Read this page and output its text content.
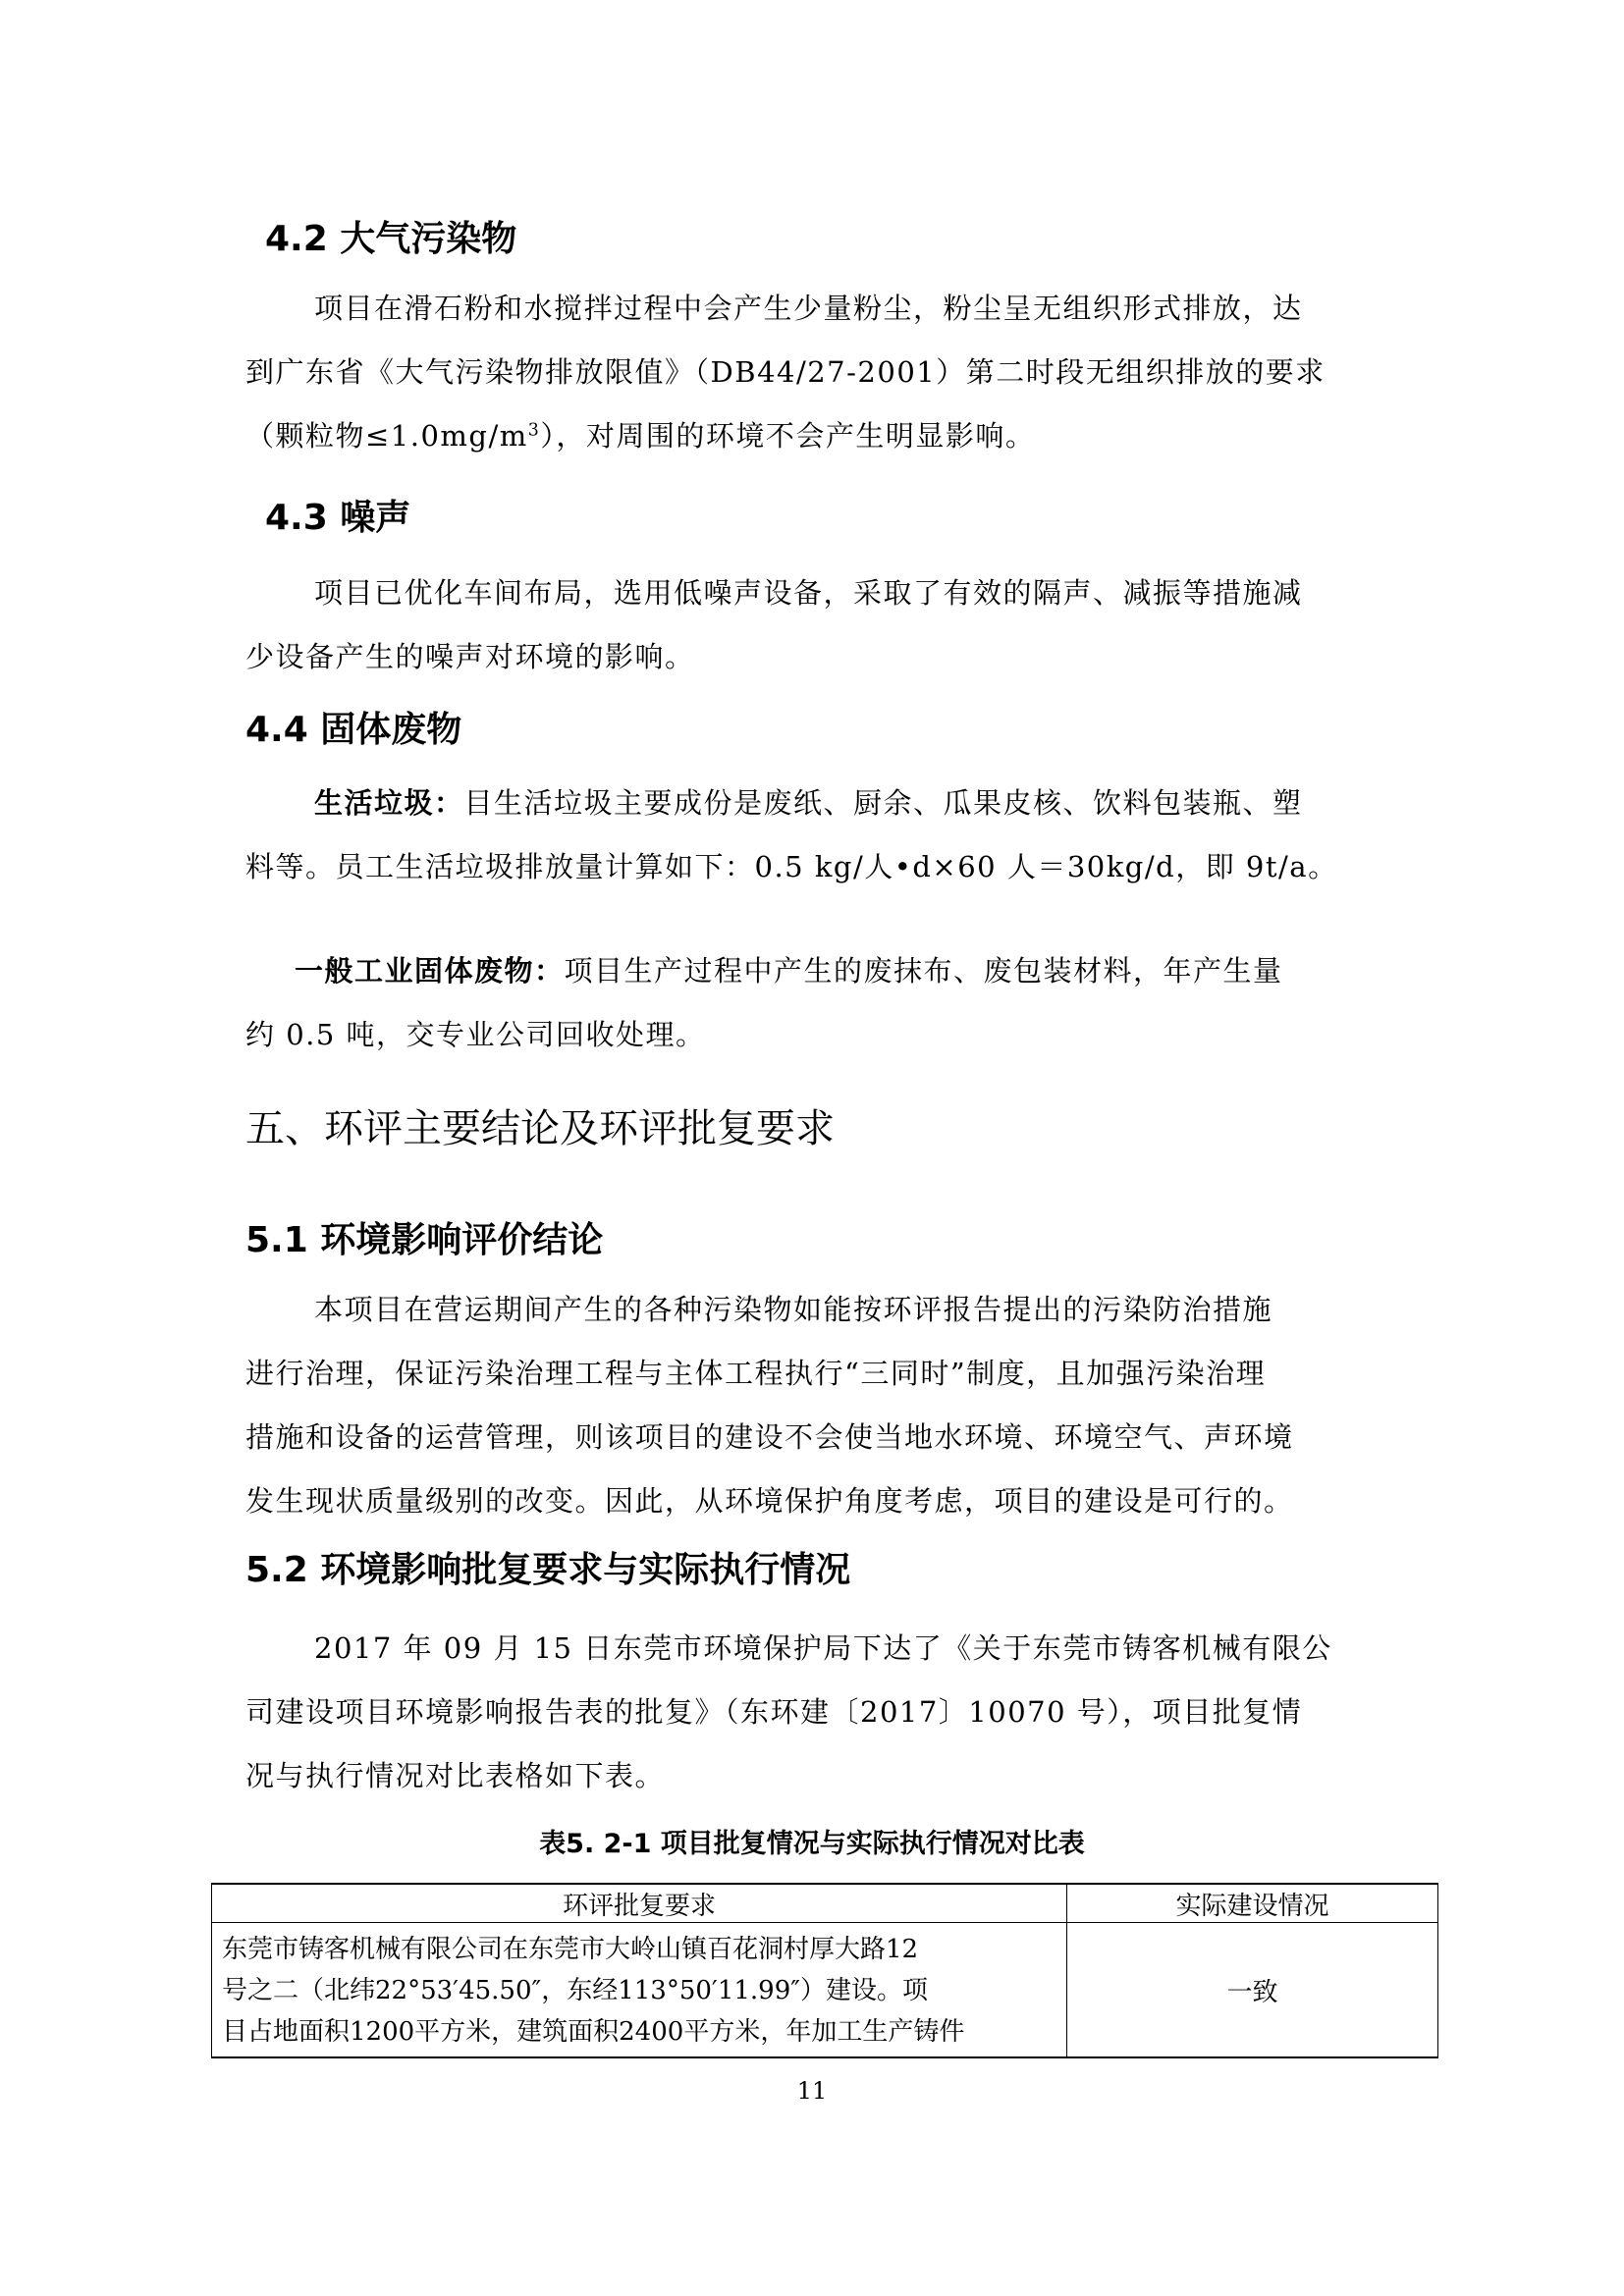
4.2 大气污染物
项目在滑石粉和水搅拌过程中会产生少量粉尘，粉尘呈无组织形式排放，达
到广东省《大气污染物排放限值》（DB44/27-2001）第二时段无组织排放的要求
（颗粒物$\le 1.0mg/m^3$），对周围的环境不会产生明显影响。
4.3 噪声
项目已优化车间布局，选用低噪声设备，采取了有效的隔声、减振等措施减
少设备产生的噪声对环境的影响。
4.4 固体废物
生活垃圾：目生活垃圾主要成份是废纸、厨余、瓜果皮核、饮料包装瓶、塑
料等。员工生活垃圾排放量计算如下：0.5 kg/人•d×60 人＝30kg/d，即 9t/a。
一般工业固体废物：项目生产过程中产生的废抹布、废包装材料，年产生量
约 0.5 吨，交专业公司回收处理。
五、环评主要结论及环评批复要求
5.1 环境影响评价结论
本项目在营运期间产生的各种污染物如能按环评报告提出的污染防治措施
进行治理，保证污染治理工程与主体工程执行“三同时”制度，且加强污染治理
措施和设备的运营管理，则该项目的建设不会使当地水环境、环境空气、声环境
发生现状质量级别的改变。因此，从环境保护角度考虑，项目的建设是可行的。
5.2 环境影响批复要求与实际执行情况
2017 年 09 月 15 日东莞市环境保护局下达了《关于东莞市铸客机械有限公
司建设项目环境影响报告表的批复》（东环建〔2017〕10070 号），项目批复情
况与执行情况对比表格如下表。
表5. 2-1 项目批复情况与实际执行情况对比表
环评批复要求	实际建设情况

东莞市铸客机械有限公司在东莞市大岭山镇百花洞村厚大路12
号之二（北纬22°53′45.50″，东经113°50′11.99″）建设。项
目占地面积1200平方米，建筑面积2400平方米，年加工生产铸件	一致
11
